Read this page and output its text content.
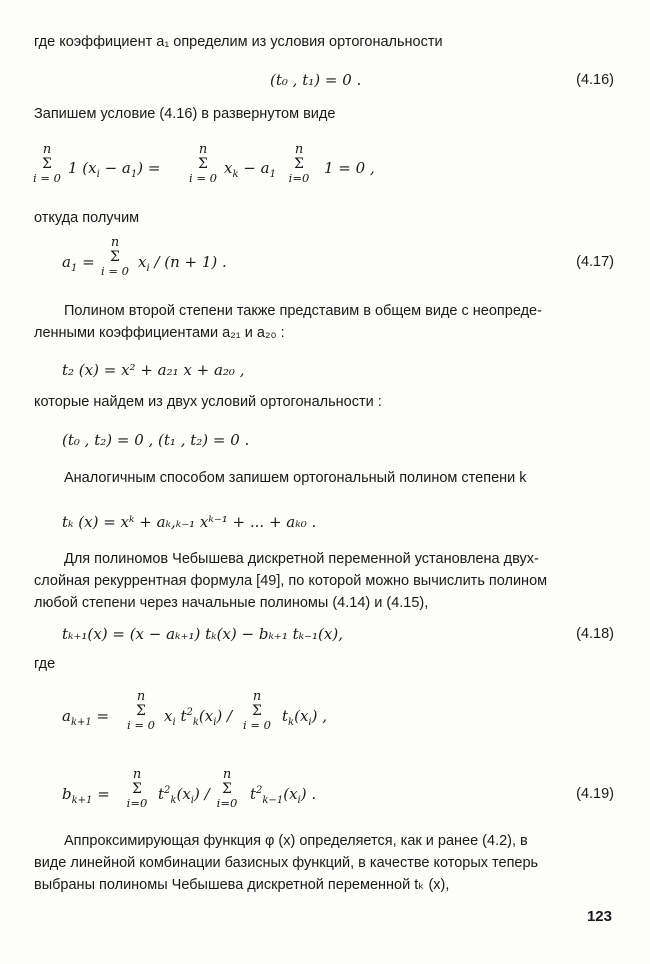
где коэффициент a₁ определим из условия ортогональности
(t₀ , t₁) = 0 .	(4.16)
Запишем условие (4.16) в развернутом виде
n
Σ
i = 0
1 $(x_i - a_1)$ =
n
Σ
i = 0
$x_k - a_1$
n
Σ
i=0
1 = 0 ,
откуда получим
$a_1$ =
n
Σ
i = 0 $x_i / (n + 1)$ .	(4.17)
Полином второй степени также представим в общем виде с неопреде-
ленными коэффициентами a₂₁ и a₂₀ :
t₂ (x) = x² + a₂₁ x + a₂₀ ,
которые найдем из двух условий ортогональности :
(t₀ , t₂) = 0 , (t₁ , t₂) = 0 .
Аналогичным способом запишем ортогональный полином степени k
tₖ (x) = xᵏ + aₖ,ₖ₋₁ xᵏ⁻¹ + ... + aₖ₀ .
Для полиномов Чебышева дискретной переменной установлена двух-
слойная рекуррентная формула [49], по которой можно вычислить полином
любой степени через начальные полиномы (4.14) и (4.15),
tₖ₊₁(x) = (x − aₖ₊₁) tₖ(x) − bₖ₊₁ tₖ₋₁(x),	(4.18)
где
$a_{k+1}$ =
n
Σ
i = 0 $x_i$ $t^2_k(x_i)$ /
n
Σ
i = 0 $t_k(x_i)$ ,
$b_{k+1}$ =
n
Σ
i=0 $t^2_k(x_i)$ /
n
Σ
i=0 $t^2_{k-1}(x_i)$ .	(4.19)
Аппроксимирующая функция φ (x) определяется, как и ранее (4.2), в
виде линейной комбинации базисных функций, в качестве которых теперь
выбраны полиномы Чебышева дискретной переменной tₖ (x),
123
